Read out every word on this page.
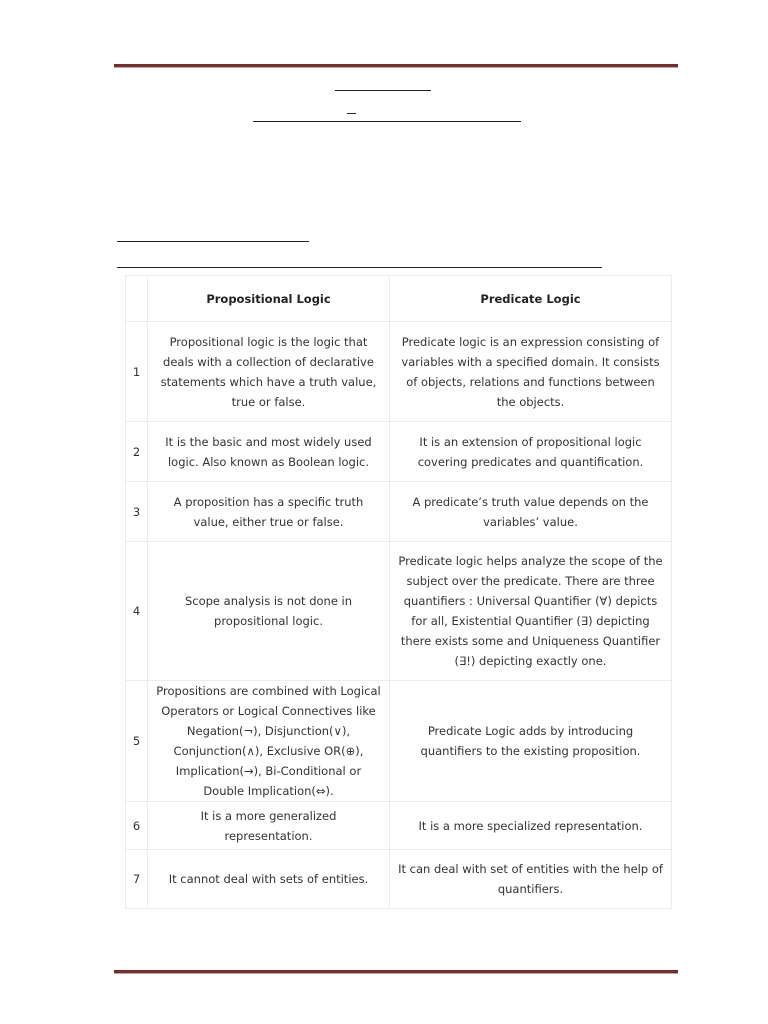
	Propositional Logic	Predicate Logic
1	Propositional logic is the logic that deals with a collection of declarative statements which have a truth value, true or false.	Predicate logic is an expression consisting of variables with a specified domain. It consists of objects, relations and functions between the objects.
2	It is the basic and most widely used logic. Also known as Boolean logic.	It is an extension of propositional logic covering predicates and quantification.
3	A proposition has a specific truth value, either true or false.	A predicate’s truth value depends on the variables’ value.
4	Scope analysis is not done in propositional logic.	Predicate logic helps analyze the scope of the subject over the predicate. There are three quantifiers : Universal Quantifier (∀) depicts for all, Existential Quantifier (∃) depicting there exists some and Uniqueness Quantifier (∃!) depicting exactly one.
5	Propositions are combined with Logical Operators or Logical Connectives like Negation(¬), Disjunction(∨), Conjunction(∧), Exclusive OR(⊕), Implication(→), Bi-Conditional or Double Implication(⇔).	Predicate Logic adds by introducing quantifiers to the existing proposition.
6	It is a more generalized representation.	It is a more specialized representation.
7	It cannot deal with sets of entities.	It can deal with set of entities with the help of quantifiers.
